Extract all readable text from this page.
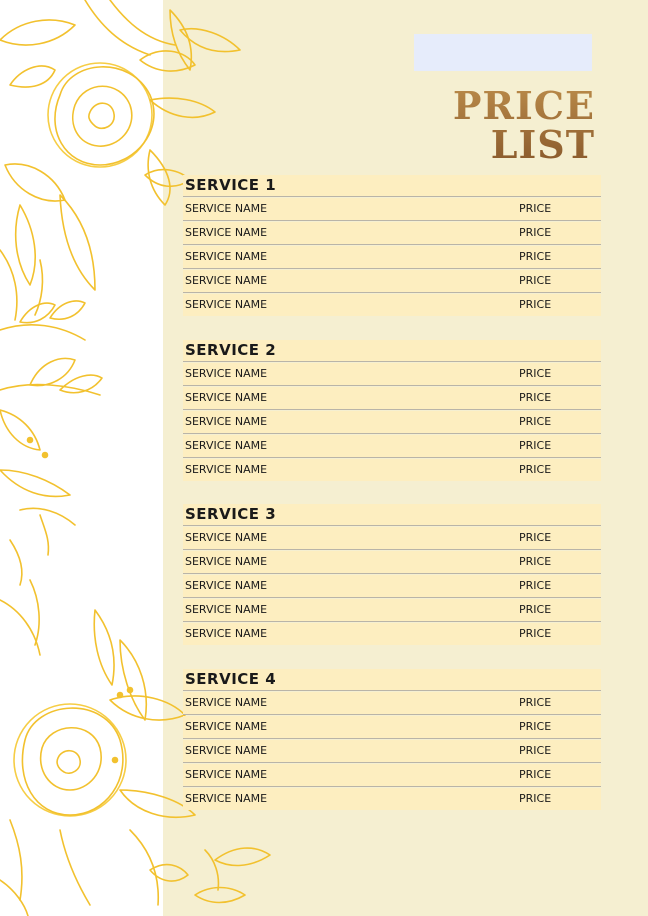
PRICE
LIST
SERVICE 1
SERVICE NAME	PRICE
SERVICE NAME	PRICE
SERVICE NAME	PRICE
SERVICE NAME	PRICE
SERVICE NAME	PRICE
SERVICE 2
SERVICE NAME	PRICE
SERVICE NAME	PRICE
SERVICE NAME	PRICE
SERVICE NAME	PRICE
SERVICE NAME	PRICE
SERVICE 3
SERVICE NAME	PRICE
SERVICE NAME	PRICE
SERVICE NAME	PRICE
SERVICE NAME	PRICE
SERVICE NAME	PRICE
SERVICE 4
SERVICE NAME	PRICE
SERVICE NAME	PRICE
SERVICE NAME	PRICE
SERVICE NAME	PRICE
SERVICE NAME	PRICE
